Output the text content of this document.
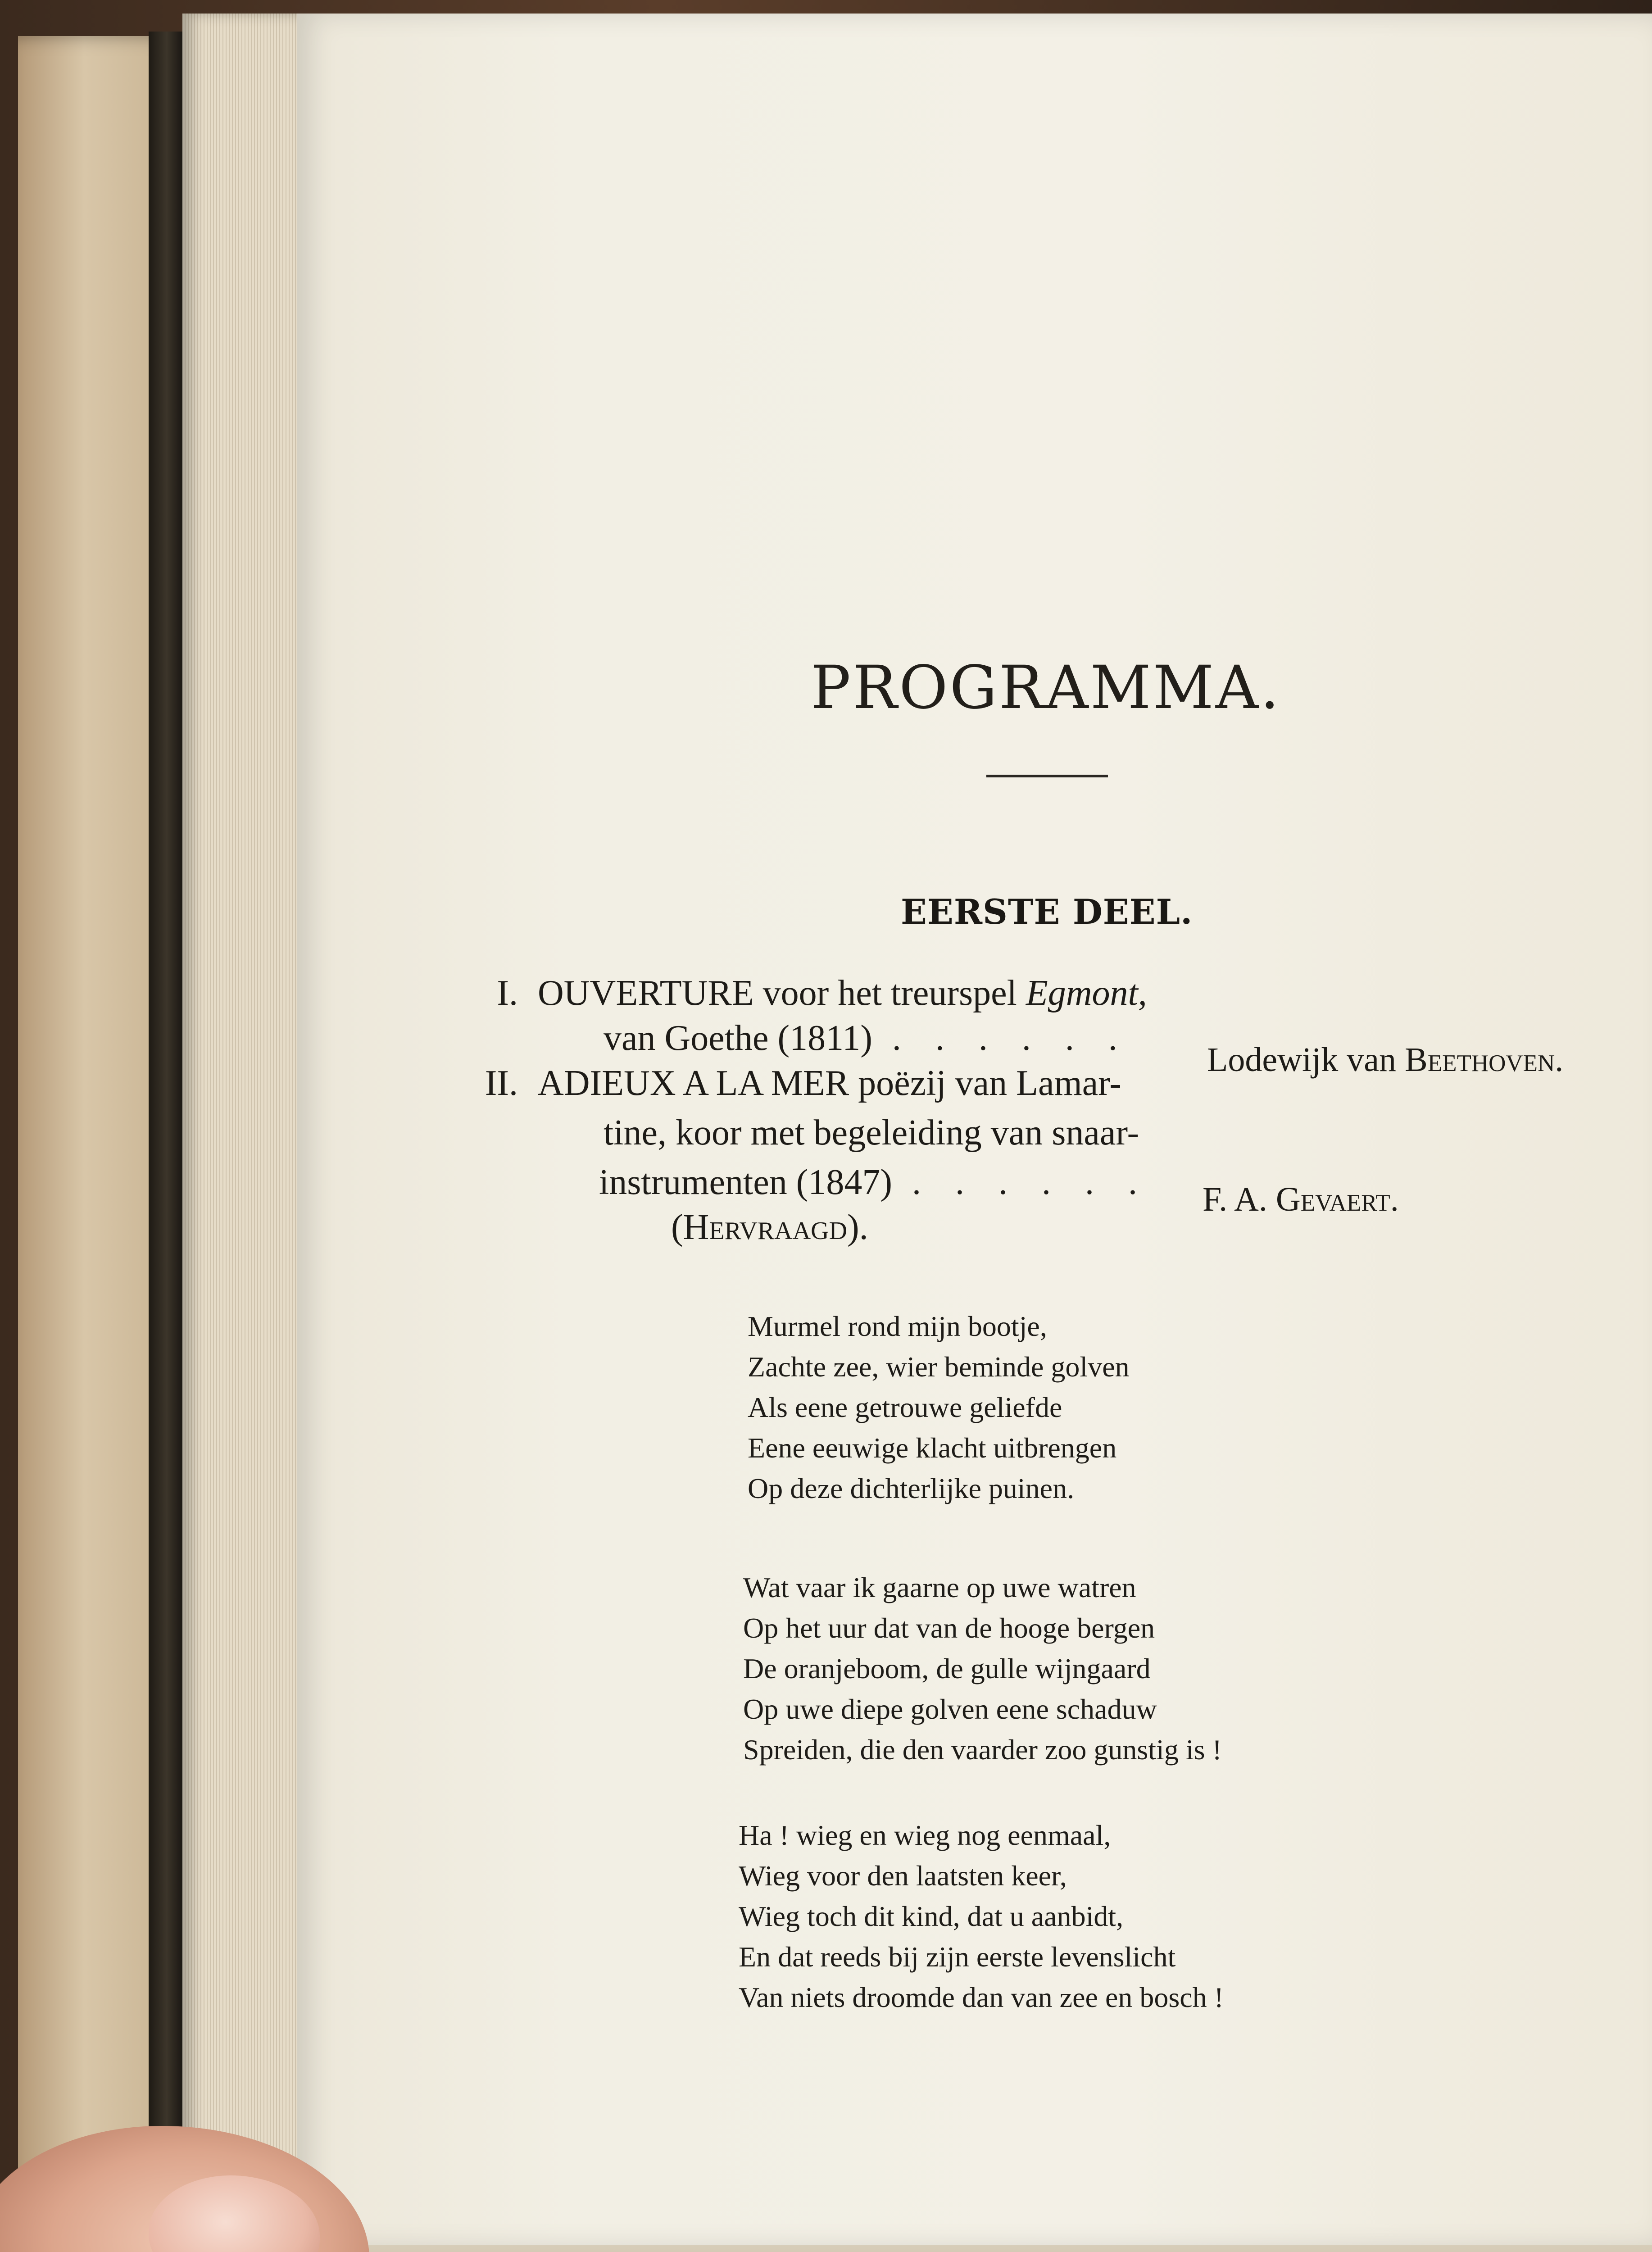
PROGRAMMA.
EERSTE DEEL.
I. OUVERTURE voor het treurspel Egmont,
van Goethe (1811) . . . . . .
Lodewijk van Beethoven.
II. ADIEUX A LA MER poëzij van Lamar-
tine, koor met begeleiding van snaar-
instrumenten (1847) . . . . . . F. A. Gevaert.
(Hervraagd).
Murmel rond mijn bootje,
Zachte zee, wier beminde golven
Als eene getrouwe geliefde
Eene eeuwige klacht uitbrengen
Op deze dichterlijke puinen.
Wat vaar ik gaarne op uwe watren
Op het uur dat van de hooge bergen
De oranjeboom, de gulle wijngaard
Op uwe diepe golven eene schaduw
Spreiden, die den vaarder zoo gunstig is !
Ha ! wieg en wieg nog eenmaal,
Wieg voor den laatsten keer,
Wieg toch dit kind, dat u aanbidt,
En dat reeds bij zijn eerste levenslicht
Van niets droomde dan van zee en bosch !
